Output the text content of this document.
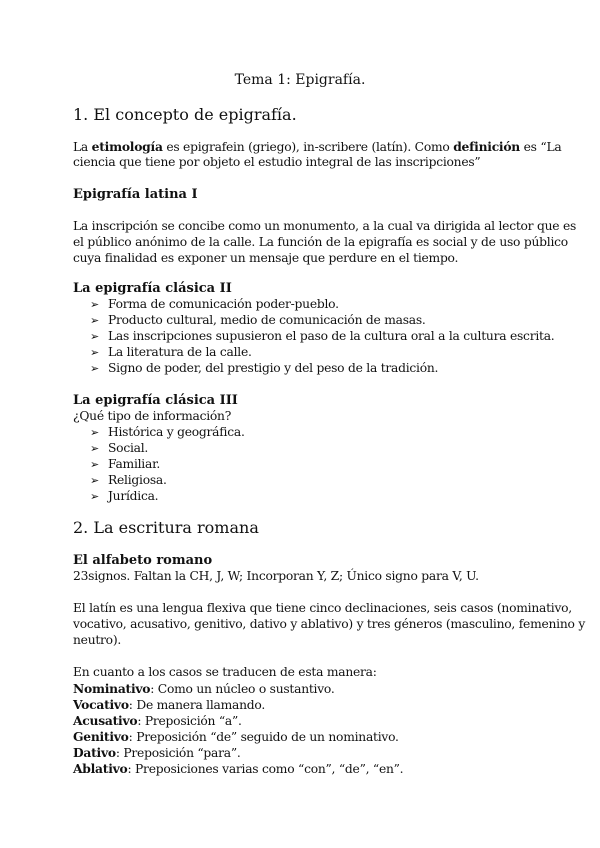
Tema 1: Epigrafía.
1. El concepto de epigrafía.
La etimología es epigrafein (griego), in-scribere (latín). Como definición es “La
ciencia que tiene por objeto el estudio integral de las inscripciones”
Epigrafía latina I
La inscripción se concibe como un monumento, a la cual va dirigida al lector que es
el público anónimo de la calle. La función de la epigrafía es social y de uso público
cuya finalidad es exponer un mensaje que perdure en el tiempo.
La epigrafía clásica II
➢ Forma de comunicación poder-pueblo.
➢ Producto cultural, medio de comunicación de masas.
➢ Las inscripciones supusieron el paso de la cultura oral a la cultura escrita.
➢ La literatura de la calle.
➢ Signo de poder, del prestigio y del peso de la tradición.
La epigrafía clásica III
¿Qué tipo de información?
➢ Histórica y geográfica.
➢ Social.
➢ Familiar.
➢ Religiosa.
➢ Jurídica.
2. La escritura romana
El alfabeto romano
23signos. Faltan la CH, J, W; Incorporan Y, Z; Único signo para V, U.
El latín es una lengua flexiva que tiene cinco declinaciones, seis casos (nominativo,
vocativo, acusativo, genitivo, dativo y ablativo) y tres géneros (masculino, femenino y
neutro).
En cuanto a los casos se traducen de esta manera:
Nominativo: Como un núcleo o sustantivo.
Vocativo: De manera llamando.
Acusativo: Preposición “a”.
Genitivo: Preposición “de” seguido de un nominativo.
Dativo: Preposición “para”.
Ablativo: Preposiciones varias como “con”, “de”, “en”.
